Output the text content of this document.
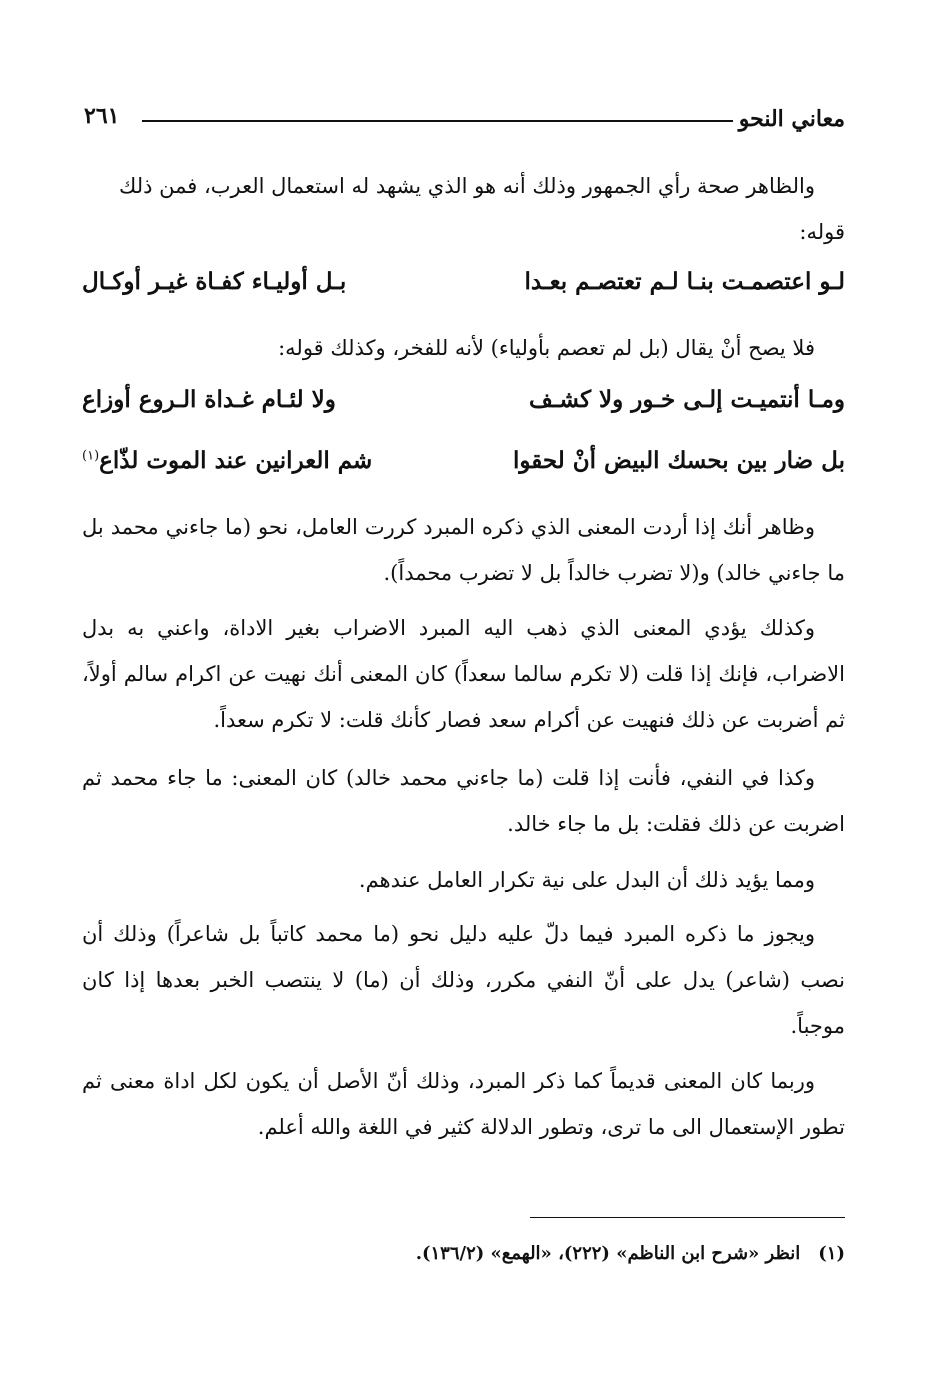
معاني النحو
٢٦١

والظاهر صحة رأي الجمهور وذلك أنه هو الذي يشهد له استعمال العرب، فمن ذلك

قوله:

لـو اعتصمـت بنـا لـم تعتصـم بعـدا
بـل أوليـاء كفـاة غيـر أوكـال

فلا يصح أنْ يقال (بل لم تعصم بأولياء) لأنه للفخر، وكذلك قوله:

ومـا أنتميـت إلـى خـور ولا كشـف
ولا لئـام غـداة الـروع أوزاع
بل ضار بين بحسك البيض أنْ لحقوا
شم العرانين عند الموت لذّاع$^{(١)}$

وظاهر أنك إذا أردت المعنى الذي ذكره المبرد كررت العامل، نحو (ما جاءني محمد بل ما جاءني خالد) و(لا تضرب خالداً بل لا تضرب محمداً).

وكذلك يؤدي المعنى الذي ذهب اليه المبرد الاضراب بغير الاداة، واعني به بدل الاضراب، فإنك إذا قلت (لا تكرم سالما سعداً) كان المعنى أنك نهيت عن اكرام سالم أولاً، ثم أضربت عن ذلك فنهيت عن أكرام سعد فصار كأنك قلت: لا تكرم سعداً.

وكذا في النفي، فأنت إذا قلت (ما جاءني محمد خالد) كان المعنى: ما جاء محمد ثم اضربت عن ذلك فقلت: بل ما جاء خالد.

ومما يؤيد ذلك أن البدل على نية تكرار العامل عندهم.

ويجوز ما ذكره المبرد فيما دلّ عليه دليل نحو (ما محمد كاتباً بل شاعراً) وذلك أن نصب (شاعر) يدل على أنّ النفي مكرر، وذلك أن (ما) لا ينتصب الخبر بعدها إذا كان موجباً.

وربما كان المعنى قديماً كما ذكر المبرد، وذلك أنّ الأصل أن يكون لكل اداة معنى ثم تطور الإستعمال الى ما ترى، وتطور الدلالة كثير في اللغة والله أعلم.

(١)انظر «شرح ابن الناظم» (٢٢٢)، «الهمع» (١٣٦/٢).
